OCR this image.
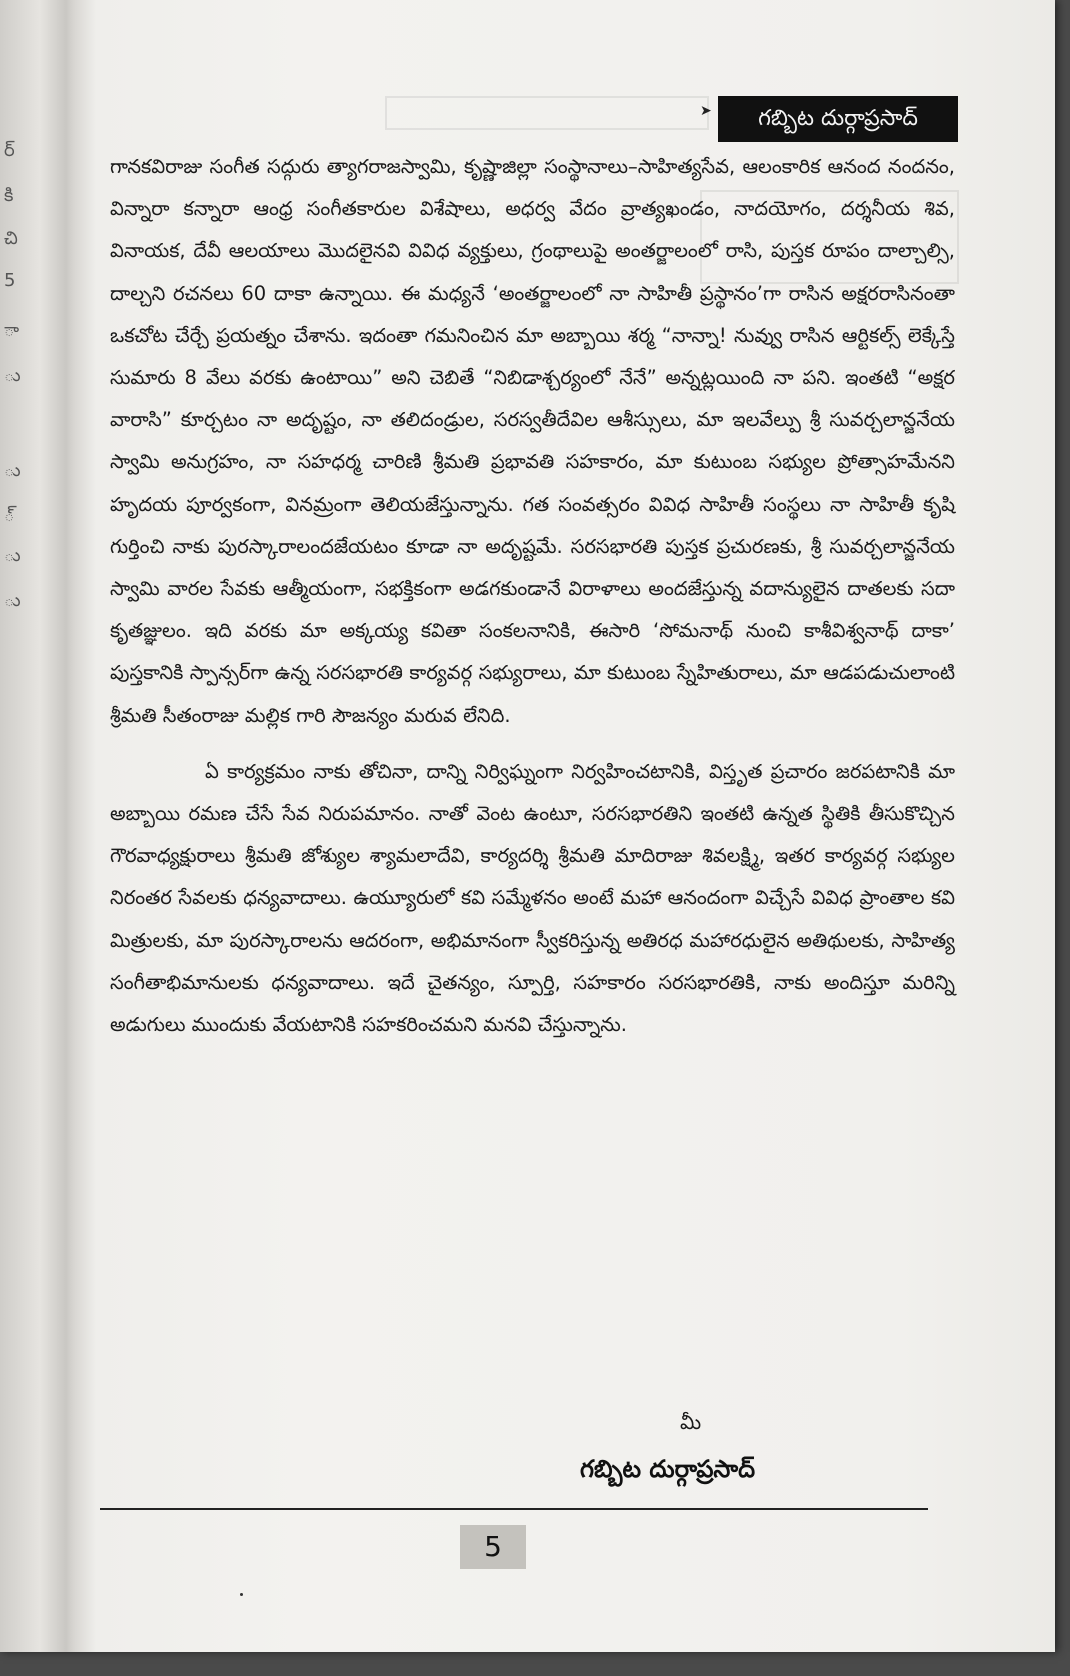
ర్
కి
చి
5
ా
ు
ు
్
ు
ు
➤	గబ్బిట దుర్గాప్రసాద్

గానకవిరాజు సంగీత సద్గురు త్యాగరాజస్వామి, కృష్ణాజిల్లా సంస్థానాలు–సాహిత్యసేవ, ఆలంకారిక ఆనంద నందనం, విన్నారా కన్నారా ఆంధ్ర సంగీతకారుల విశేషాలు, అధర్వ వేదం వ్రాత్యఖండం, నాదయోగం, దర్శనీయ శివ, వినాయక, దేవీ ఆలయాలు మొదలైనవి వివిధ వ్యక్తులు, గ్రంథాలుపై అంతర్జాలంలో రాసి, పుస్తక రూపం దాల్చాల్సి, దాల్చని రచనలు 60 దాకా ఉన్నాయి. ఈ మధ్యనే ‘అంతర్జాలంలో నా సాహితీ ప్రస్థానం’గా రాసిన అక్షరరాసినంతా ఒకచోట చేర్చే ప్రయత్నం చేశాను. ఇదంతా గమనించిన మా అబ్బాయి శర్మ “నాన్నా! నువ్వు రాసిన ఆర్టికల్స్ లెక్కేస్తే సుమారు 8 వేలు వరకు ఉంటాయి” అని చెబితే “నిబిడాశ్చర్యంలో నేనే” అన్నట్లయింది నా పని. ఇంతటి “అక్షర వారాసి” కూర్చటం నా అదృష్టం, నా తలిదండ్రుల, సరస్వతీదేవిల ఆశీస్సులు, మా ఇలవేల్పు శ్రీ సువర్చలాన్జనేయ స్వామి అనుగ్రహం, నా సహధర్మ చారిణి శ్రీమతి ప్రభావతి సహకారం, మా కుటుంబ సభ్యుల ప్రోత్సాహమేనని హృదయ పూర్వకంగా, వినమ్రంగా తెలియజేస్తున్నాను. గత సంవత్సరం వివిధ సాహితీ సంస్థలు నా సాహితీ కృషి గుర్తించి నాకు పురస్కారాలందజేయటం కూడా నా అదృష్టమే. సరసభారతి పుస్తక ప్రచురణకు, శ్రీ సువర్చలాన్జనేయ స్వామి వారల సేవకు ఆత్మీయంగా, సభక్తికంగా అడగకుండానే విరాళాలు అందజేస్తున్న వదాన్యులైన దాతలకు సదా కృతజ్ఞులం. ఇది వరకు మా అక్కయ్య కవితా సంకలనానికి, ఈసారి ‘సోమనాథ్ నుంచి కాశీవిశ్వనాథ్ దాకా’ పుస్తకానికి స్పాన్సర్‌గా ఉన్న సరసభారతి కార్యవర్గ సభ్యురాలు, మా కుటుంబ స్నేహితురాలు, మా ఆడపడుచులాంటి శ్రీమతి సీతంరాజు మల్లిక గారి సౌజన్యం మరువ లేనిది.

ఏ కార్యక్రమం నాకు తోచినా, దాన్ని నిర్విఘ్నంగా నిర్వహించటానికి, విస్తృత ప్రచారం జరపటానికి మా అబ్బాయి రమణ చేసే సేవ నిరుపమానం. నాతో వెంట ఉంటూ, సరసభారతిని ఇంతటి ఉన్నత స్థితికి తీసుకొచ్చిన గౌరవాధ్యక్షురాలు శ్రీమతి జోశ్యుల శ్యామలాదేవి, కార్యదర్శి శ్రీమతి మాదిరాజు శివలక్ష్మి, ఇతర కార్యవర్గ సభ్యుల నిరంతర సేవలకు ధన్యవాదాలు. ఉయ్యూరులో కవి సమ్మేళనం అంటే మహా ఆనందంగా విచ్చేసే వివిధ ప్రాంతాల కవి మిత్రులకు, మా పురస్కారాలను ఆదరంగా, అభిమానంగా స్వీకరిస్తున్న అతిరధ మహారధులైన అతిథులకు, సాహిత్య సంగీతాభిమానులకు ధన్యవాదాలు. ఇదే చైతన్యం, స్పూర్తి, సహకారం సరసభారతికి, నాకు అందిస్తూ మరిన్ని అడుగులు ముందుకు వేయటానికి సహకరించమని మనవి చేస్తున్నాను.

మీ
గబ్బిట దుర్గాప్రసాద్
5
